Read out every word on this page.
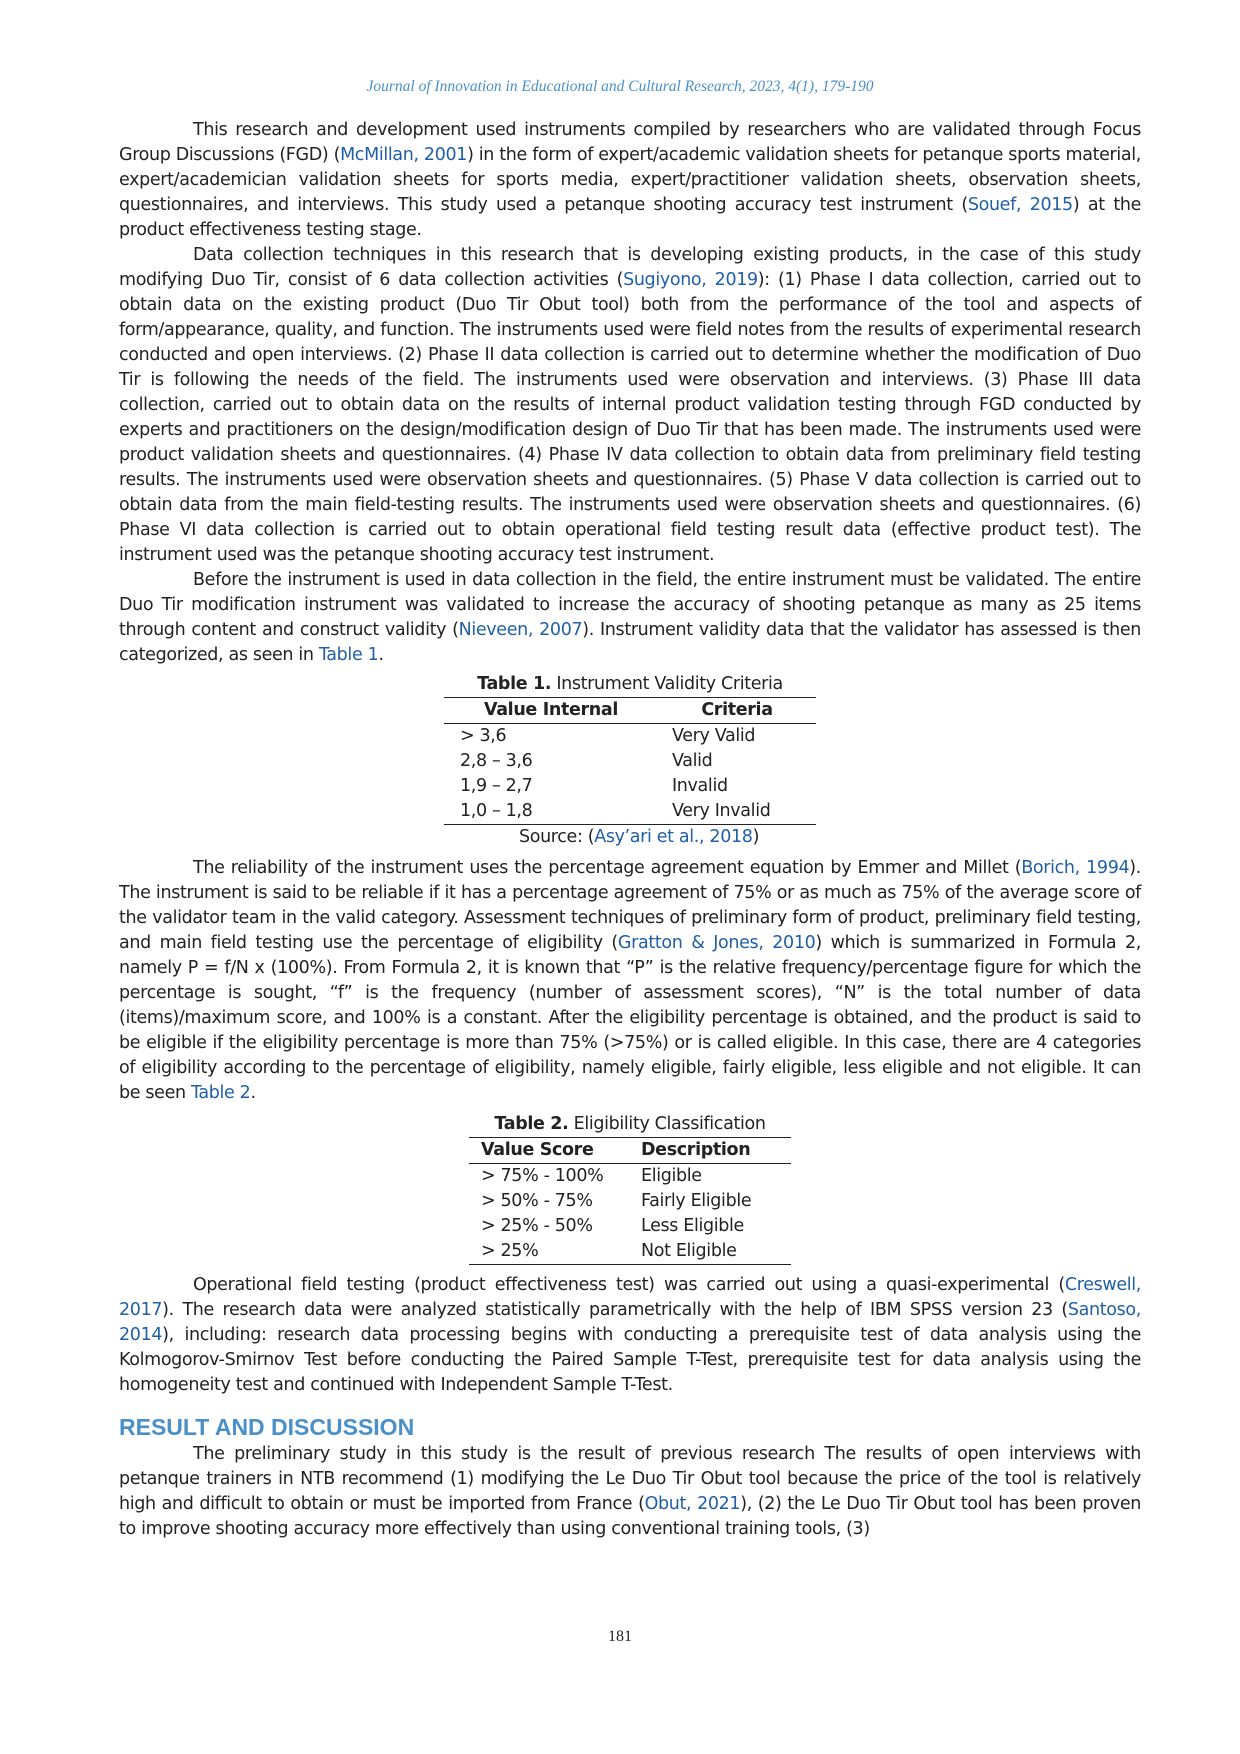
Journal of Innovation in Educational and Cultural Research, 2023, 4(1), 179-190

This research and development used instruments compiled by researchers who are validated through Focus Group Discussions (FGD) (McMillan, 2001) in the form of expert/academic validation sheets for petanque sports material, expert/academician validation sheets for sports media, expert/practitioner validation sheets, observation sheets, questionnaires, and interviews. This study used a petanque shooting accuracy test instrument (Souef, 2015) at the product effectiveness testing stage.

Data collection techniques in this research that is developing existing products, in the case of this study modifying Duo Tir, consist of 6 data collection activities (Sugiyono, 2019): (1) Phase I data collection, carried out to obtain data on the existing product (Duo Tir Obut tool) both from the performance of the tool and aspects of form/appearance, quality, and function. The instruments used were field notes from the results of experimental research conducted and open interviews. (2) Phase II data collection is carried out to determine whether the modification of Duo Tir is following the needs of the field. The instruments used were observation and interviews. (3) Phase III data collection, carried out to obtain data on the results of internal product validation testing through FGD conducted by experts and practitioners on the design/modification design of Duo Tir that has been made. The instruments used were product validation sheets and questionnaires. (4) Phase IV data collection to obtain data from preliminary field testing results. The instruments used were observation sheets and questionnaires. (5) Phase V data collection is carried out to obtain data from the main field-testing results. The instruments used were observation sheets and questionnaires. (6) Phase VI data collection is carried out to obtain operational field testing result data (effective product test). The instrument used was the petanque shooting accuracy test instrument.

Before the instrument is used in data collection in the field, the entire instrument must be validated. The entire Duo Tir modification instrument was validated to increase the accuracy of shooting petanque as many as 25 items through content and construct validity (Nieveen, 2007). Instrument validity data that the validator has assessed is then categorized, as seen in Table 1.

Table 1. Instrument Validity Criteria
Value Internal	Criteria
> 3,6	Very Valid
2,8 – 3,6	Valid
1,9 – 2,7	Invalid
1,0 – 1,8	Very Invalid
Source: (Asy’ari et al., 2018)

The reliability of the instrument uses the percentage agreement equation by Emmer and Millet (Borich, 1994). The instrument is said to be reliable if it has a percentage agreement of 75% or as much as 75% of the average score of the validator team in the valid category. Assessment techniques of preliminary form of product, preliminary field testing, and main field testing use the percentage of eligibility (Gratton & Jones, 2010) which is summarized in Formula 2, namely P = f/N x (100%). From Formula 2, it is known that “P” is the relative frequency/percentage figure for which the percentage is sought, “f” is the frequency (number of assessment scores), “N” is the total number of data (items)/maximum score, and 100% is a constant. After the eligibility percentage is obtained, and the product is said to be eligible if the eligibility percentage is more than 75% (>75%) or is called eligible. In this case, there are 4 categories of eligibility according to the percentage of eligibility, namely eligible, fairly eligible, less eligible and not eligible. It can be seen Table 2.

Table 2. Eligibility Classification
Value Score	Description
> 75% - 100%	Eligible
> 50% - 75%	Fairly Eligible
> 25% - 50%	Less Eligible
> 25%	Not Eligible

Operational field testing (product effectiveness test) was carried out using a quasi-experimental (Creswell, 2017). The research data were analyzed statistically parametrically with the help of IBM SPSS version 23 (Santoso, 2014), including: research data processing begins with conducting a prerequisite test of data analysis using the Kolmogorov-Smirnov Test before conducting the Paired Sample T-Test, prerequisite test for data analysis using the homogeneity test and continued with Independent Sample T-Test.

RESULT AND DISCUSSION

The preliminary study in this study is the result of previous research The results of open interviews with petanque trainers in NTB recommend (1) modifying the Le Duo Tir Obut tool because the price of the tool is relatively high and difficult to obtain or must be imported from France (Obut, 2021), (2) the Le Duo Tir Obut tool has been proven to improve shooting accuracy more effectively than using conventional training tools, (3)

181
